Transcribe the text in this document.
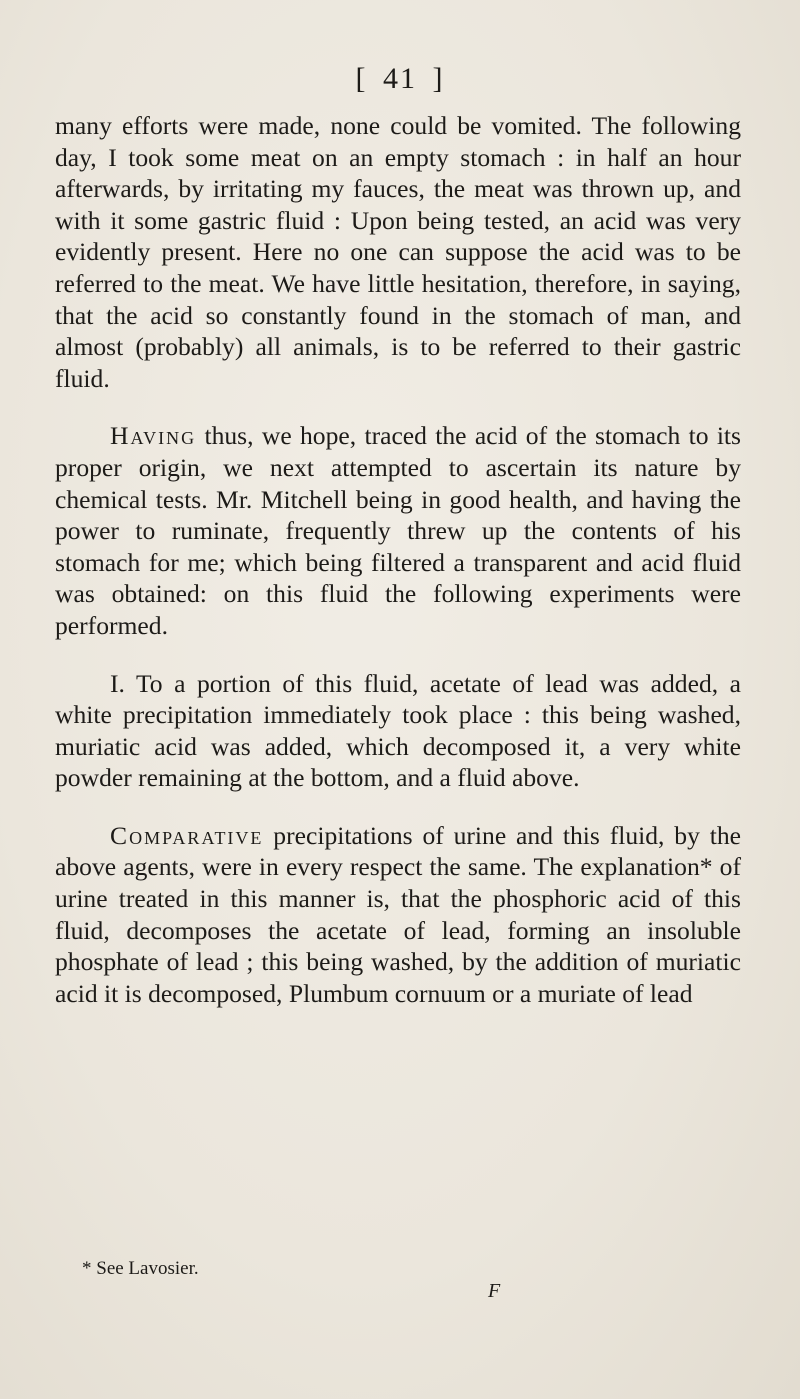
[ 41 ]

many efforts were made, none could be vomited. The following day, I took some meat on an empty stomach : in half an hour afterwards, by irritating my fauces, the meat was thrown up, and with it some gastric fluid : Upon being tested, an acid was very evidently present. Here no one can suppose the acid was to be referred to the meat. We have little hesitation, therefore, in saying, that the acid so constantly found in the stomach of man, and almost (probably) all animals, is to be referred to their gastric fluid.

Having thus, we hope, traced the acid of the stomach to its proper origin, we next attempted to ascertain its nature by chemical tests. Mr. Mitchell being in good health, and having the power to ruminate, frequently threw up the contents of his stomach for me; which being filtered a transparent and acid fluid was obtained: on this fluid the following experiments were performed.

I. To a portion of this fluid, acetate of lead was added, a white precipitation immediately took place : this being washed, muriatic acid was added, which decomposed it, a very white powder remaining at the bottom, and a fluid above.

Comparative precipitations of urine and this fluid, by the above agents, were in every respect the same. The explanation* of urine treated in this manner is, that the phosphoric acid of this fluid, decomposes the acetate of lead, forming an insoluble phosphate of lead ; this being washed, by the addition of muriatic acid it is decomposed, Plumbum cornuum or a muriate of lead

* See Lavosier.
F
